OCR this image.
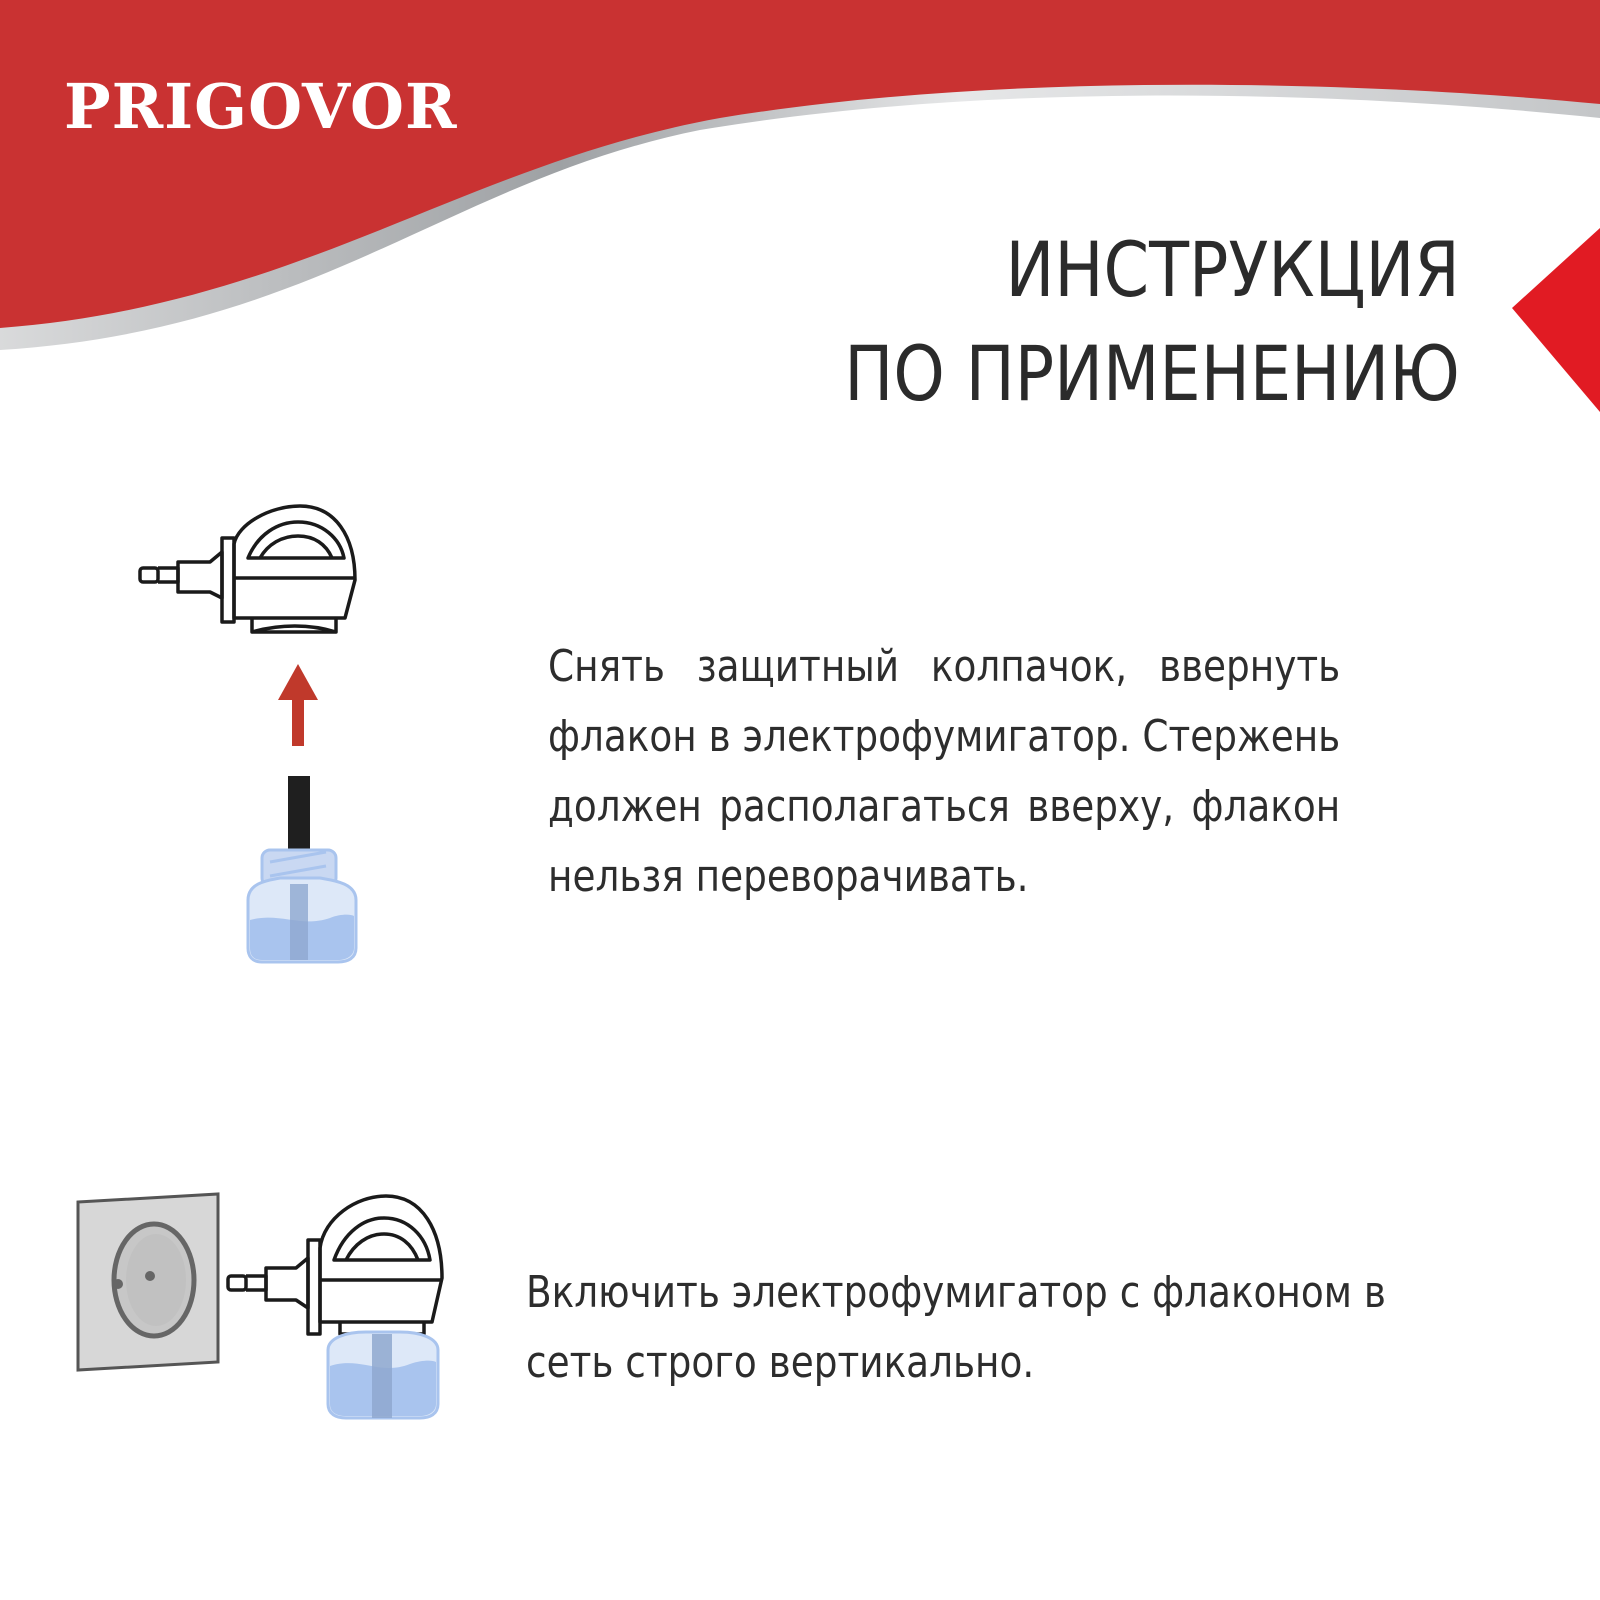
PRIGOVOR
ИНСТРУКЦИЯ
ПО ПРИМЕНЕНИЮ
Снять защитный колпачок, ввернуть флакон в электрофумигатор. Стержень должен располагаться вверху, флакон нельзя переворачивать.
Включить электрофумигатор с флаконом в сеть строго вертикально.
